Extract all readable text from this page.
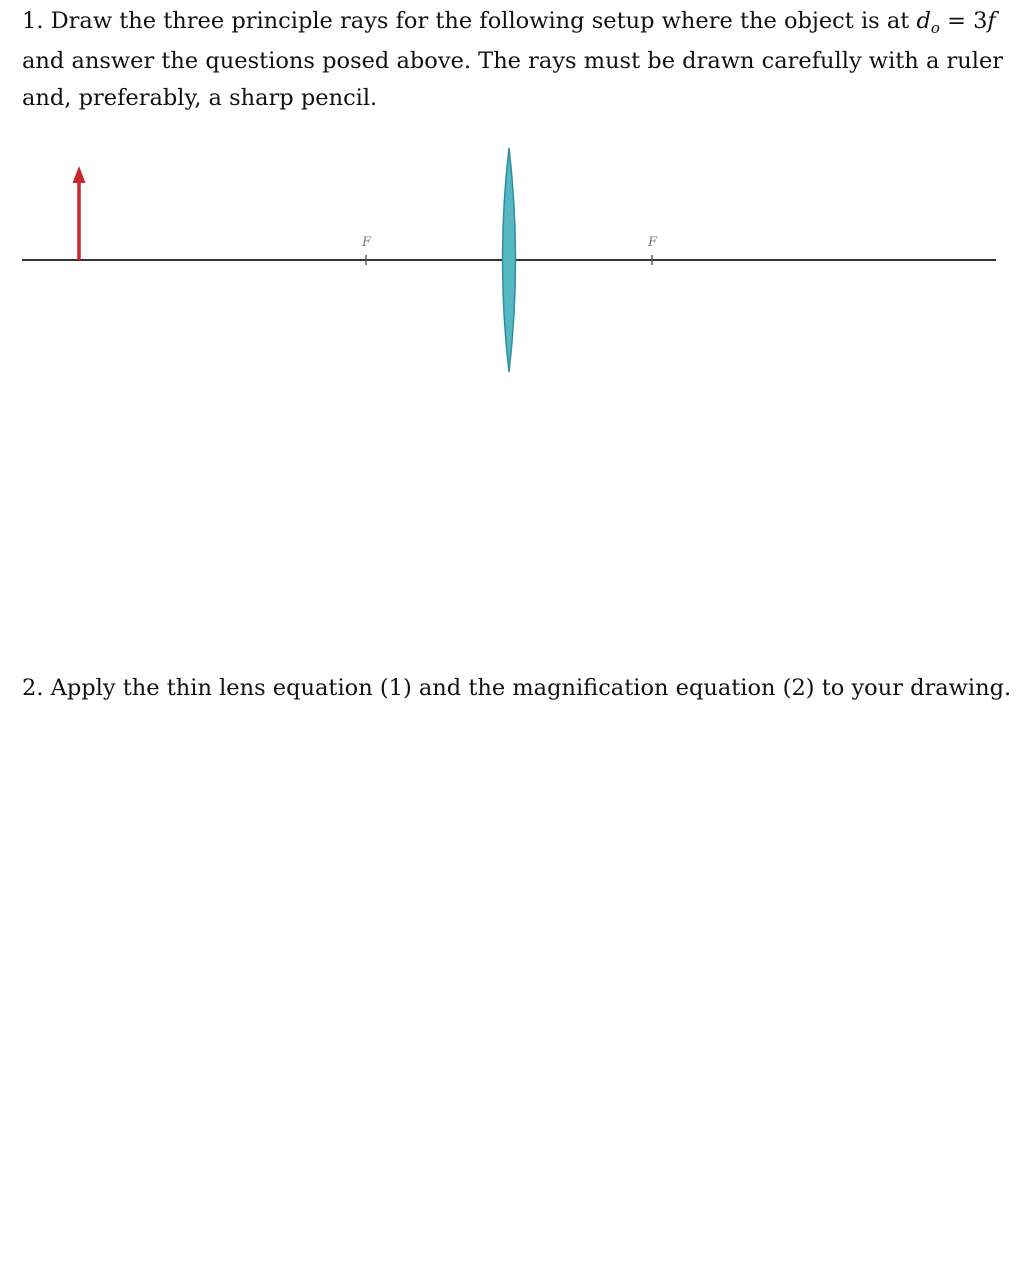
1. Draw the three principle rays for the following setup where the object is at $d_o = 3f$
and answer the questions posed above. The rays must be drawn carefully with a ruler
and, preferably, a sharp pencil.

F	F

2. Apply the thin lens equation (1) and the magnification equation (2) to your drawing.
